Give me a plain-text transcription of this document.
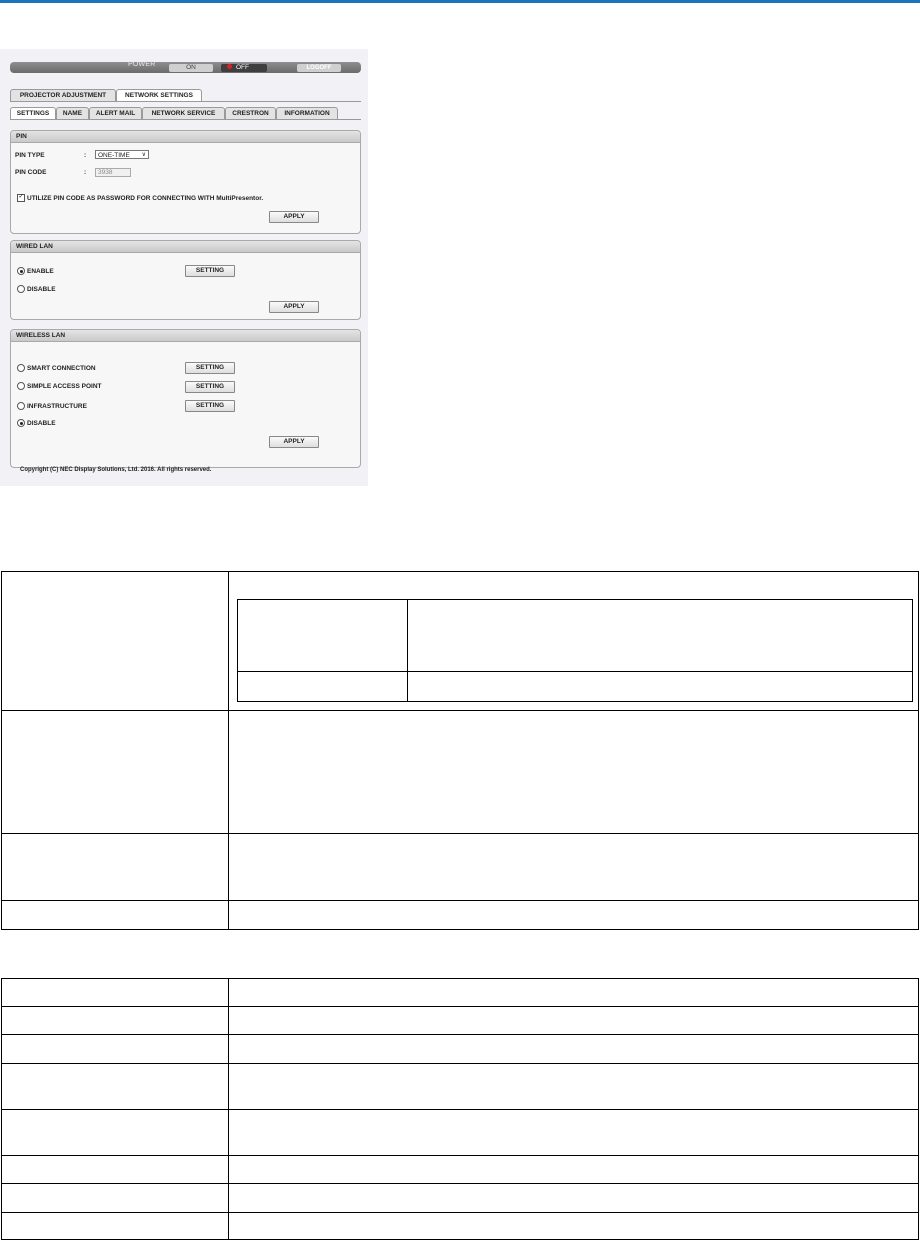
POWER	ON	OFF	LOGOFF
PROJECTOR ADJUSTMENT	NETWORK SETTINGS
SETTINGS	NAME	ALERT MAIL	NETWORK SERVICE	CRESTRON	INFORMATION
PIN
PIN TYPE	:	ONE-TIME ∨
PIN CODE	:	3938
✓ UTILIZE PIN CODE AS PASSWORD FOR CONNECTING WITH MultiPresentor.
APPLY
WIRED LAN
ENABLE	SETTING
DISABLE
APPLY
WIRELESS LAN
SMART CONNECTION	SETTING
SIMPLE ACCESS POINT	SETTING
INFRASTRUCTURE	SETTING
DISABLE
APPLY
Copyright (C) NEC Display Solutions, Ltd. 2016. All rights reserved.
